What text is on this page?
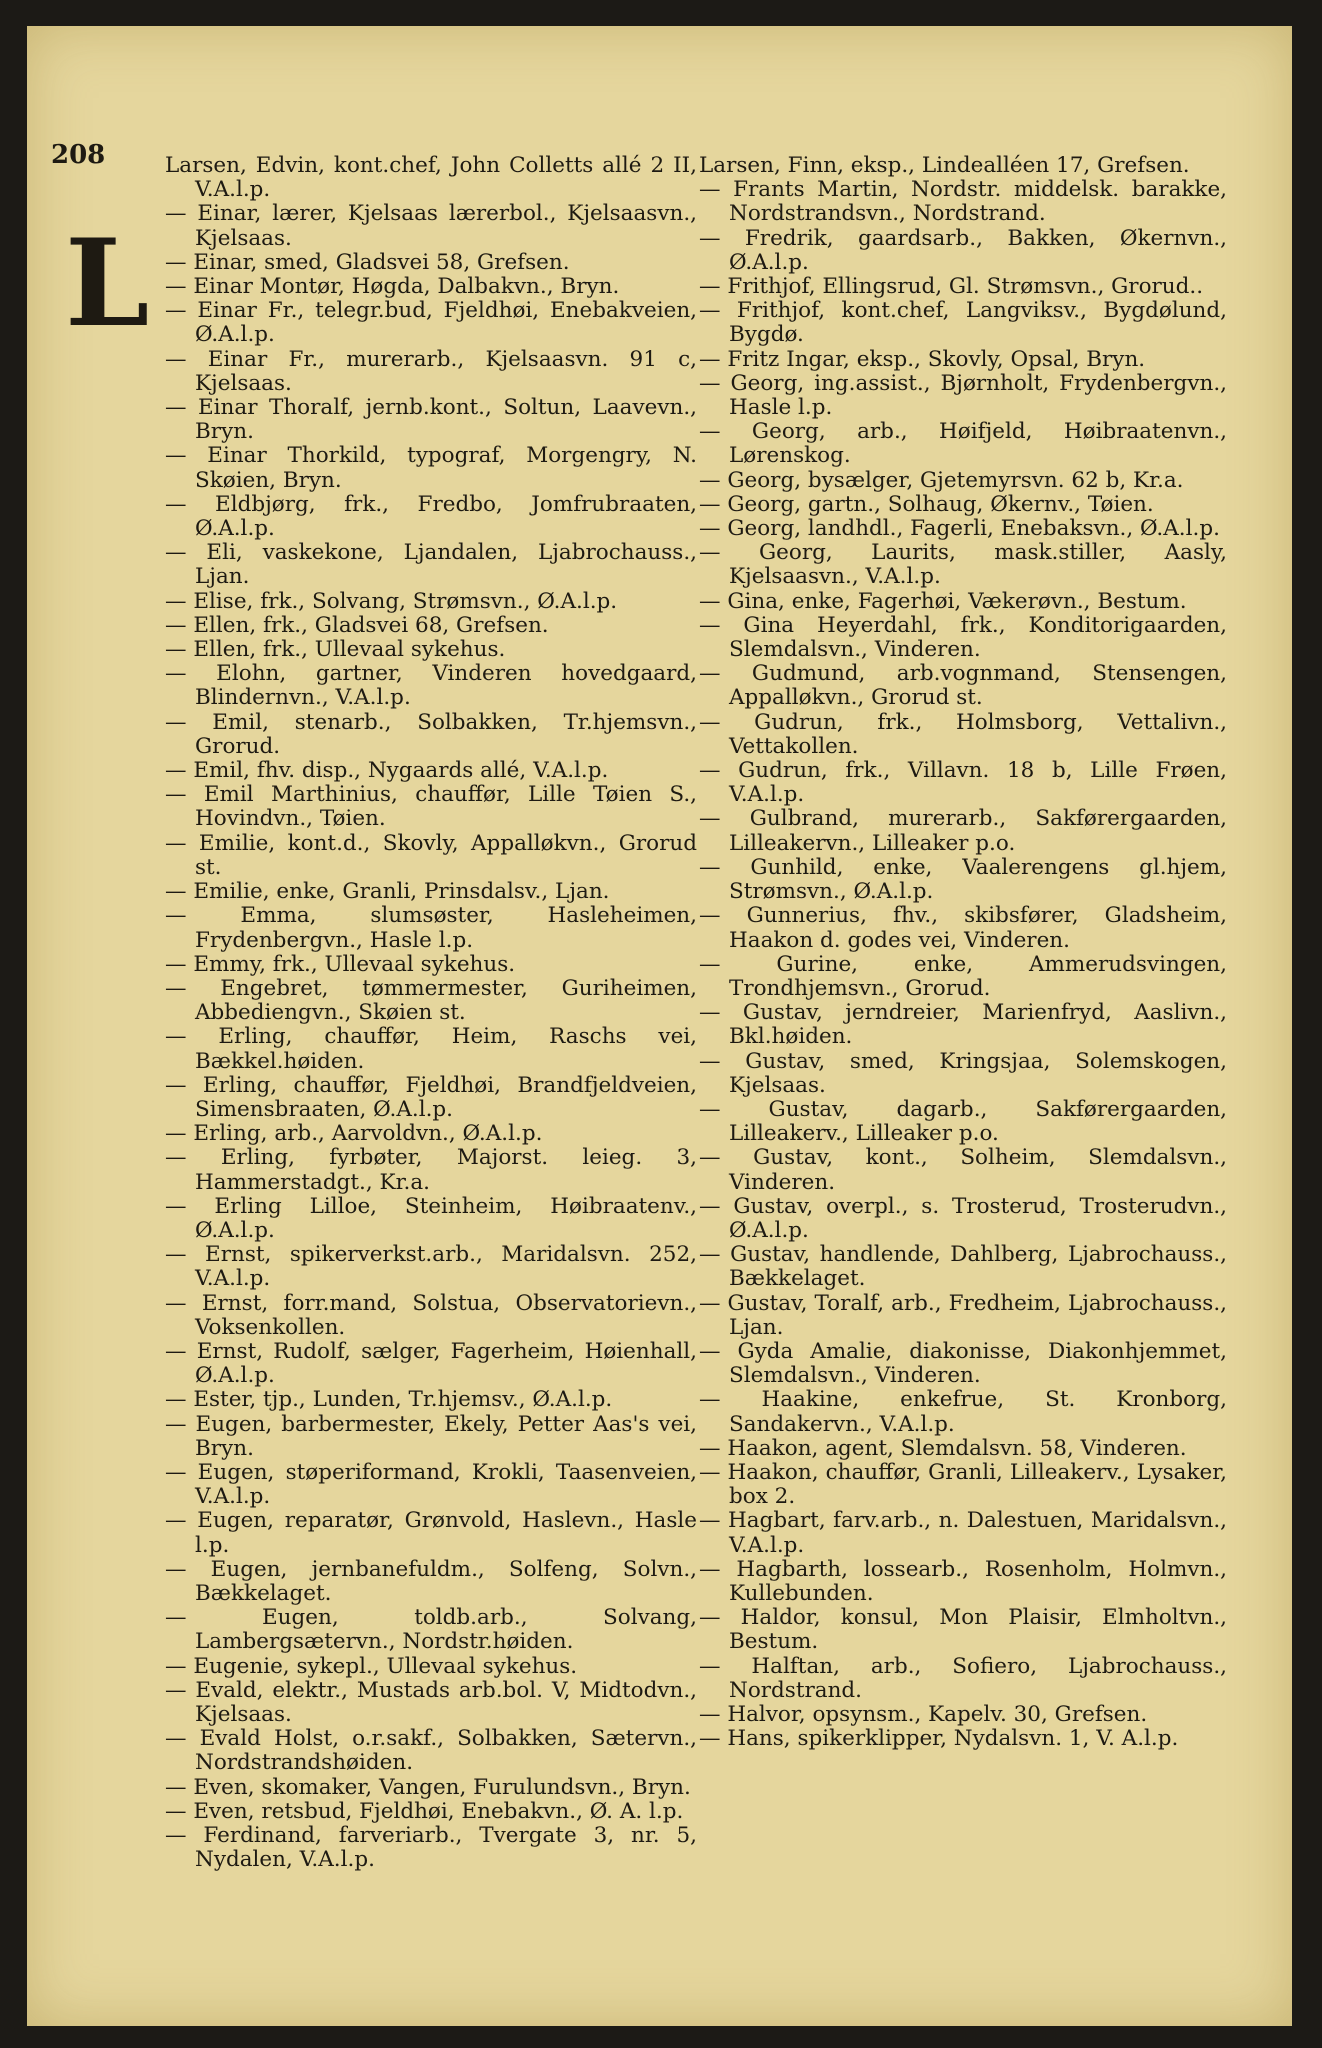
208
L
Larsen, Edvin, kont.chef, John Colletts allé 2 II, V.A.l.p.
— Einar, lærer, Kjelsaas lærerbol., Kjelsaasvn., Kjelsaas.
— Einar, smed, Gladsvei 58, Grefsen.
— Einar Montør, Høgda, Dalbakvn., Bryn.
— Einar Fr., telegr.bud, Fjeldhøi, Enebakveien, Ø.A.l.p.
— Einar Fr., murerarb., Kjelsaasvn. 91 c, Kjelsaas.
— Einar Thoralf, jernb.kont., Soltun, Laavevn., Bryn.
— Einar Thorkild, typograf, Morgengry, N. Skøien, Bryn.
— Eldbjørg, frk., Fredbo, Jomfrubraaten, Ø.A.l.p.
— Eli, vaskekone, Ljandalen, Ljabrochauss., Ljan.
— Elise, frk., Solvang, Strømsvn., Ø.A.l.p.
— Ellen, frk., Gladsvei 68, Grefsen.
— Ellen, frk., Ullevaal sykehus.
— Elohn, gartner, Vinderen hovedgaard, Blindernvn., V.A.l.p.
— Emil, stenarb., Solbakken, Tr.hjemsvn., Grorud.
— Emil, fhv. disp., Nygaards allé, V.A.l.p.
— Emil Marthinius, chauffør, Lille Tøien S., Hovindvn., Tøien.
— Emilie, kont.d., Skovly, Appalløkvn., Grorud st.
— Emilie, enke, Granli, Prinsdalsv., Ljan.
— Emma, slumsøster, Hasleheimen, Frydenbergvn., Hasle l.p.
— Emmy, frk., Ullevaal sykehus.
— Engebret, tømmermester, Guriheimen, Abbediengvn., Skøien st.
— Erling, chauffør, Heim, Raschs vei, Bækkel.høiden.
— Erling, chauffør, Fjeldhøi, Brandfjeldveien, Simensbraaten, Ø.A.l.p.
— Erling, arb., Aarvoldvn., Ø.A.l.p.
— Erling, fyrbøter, Majorst. leieg. 3, Hammerstadgt., Kr.a.
— Erling Lilloe, Steinheim, Høibraatenv., Ø.A.l.p.
— Ernst, spikerverkst.arb., Maridalsvn. 252, V.A.l.p.
— Ernst, forr.mand, Solstua, Observatorievn., Voksenkollen.
— Ernst, Rudolf, sælger, Fagerheim, Høienhall, Ø.A.l.p.
— Ester, tjp., Lunden, Tr.hjemsv., Ø.A.l.p.
— Eugen, barbermester, Ekely, Petter Aas's vei, Bryn.
— Eugen, støperiformand, Krokli, Taasenveien, V.A.l.p.
— Eugen, reparatør, Grønvold, Haslevn., Hasle l.p.
— Eugen, jernbanefuldm., Solfeng, Solvn., Bækkelaget.
— Eugen, toldb.arb., Solvang, Lambergsætervn., Nordstr.høiden.
— Eugenie, sykepl., Ullevaal sykehus.
— Evald, elektr., Mustads arb.bol. V, Midtodvn., Kjelsaas.
— Evald Holst, o.r.sakf., Solbakken, Sætervn., Nordstrandshøiden.
— Even, skomaker, Vangen, Furulundsvn., Bryn.
— Even, retsbud, Fjeldhøi, Enebakvn., Ø. A. l.p.
— Ferdinand, farveriarb., Tvergate 3, nr. 5, Nydalen, V.A.l.p.
Larsen, Finn, eksp., Lindealléen 17, Grefsen.
— Frants Martin, Nordstr. middelsk. barakke, Nordstrandsvn., Nordstrand.
— Fredrik, gaardsarb., Bakken, Økernvn., Ø.A.l.p.
— Frithjof, Ellingsrud, Gl. Strømsvn., Grorud..
— Frithjof, kont.chef, Langviksv., Bygdølund, Bygdø.
— Fritz Ingar, eksp., Skovly, Opsal, Bryn.
— Georg, ing.assist., Bjørnholt, Frydenbergvn., Hasle l.p.
— Georg, arb., Høifjeld, Høibraatenvn., Lørenskog.
— Georg, bysælger, Gjetemyrsvn. 62 b, Kr.a.
— Georg, gartn., Solhaug, Økernv., Tøien.
— Georg, landhdl., Fagerli, Enebaksvn., Ø.A.l.p.
— Georg, Laurits, mask.stiller, Aasly, Kjelsaasvn., V.A.l.p.
— Gina, enke, Fagerhøi, Vækerøvn., Bestum.
— Gina Heyerdahl, frk., Konditorigaarden, Slemdalsvn., Vinderen.
— Gudmund, arb.vognmand, Stensengen, Appalløkvn., Grorud st.
— Gudrun, frk., Holmsborg, Vettalivn., Vettakollen.
— Gudrun, frk., Villavn. 18 b, Lille Frøen, V.A.l.p.
— Gulbrand, murerarb., Sakførergaarden, Lilleakervn., Lilleaker p.o.
— Gunhild, enke, Vaalerengens gl.hjem, Strømsvn., Ø.A.l.p.
— Gunnerius, fhv., skibsfører, Gladsheim, Haakon d. godes vei, Vinderen.
— Gurine, enke, Ammerudsvingen, Trondhjemsvn., Grorud.
— Gustav, jerndreier, Marienfryd, Aaslivn., Bkl.høiden.
— Gustav, smed, Kringsjaa, Solemskogen, Kjelsaas.
— Gustav, dagarb., Sakførergaarden, Lilleakerv., Lilleaker p.o.
— Gustav, kont., Solheim, Slemdalsvn., Vinderen.
— Gustav, overpl., s. Trosterud, Trosterudvn., Ø.A.l.p.
— Gustav, handlende, Dahlberg, Ljabrochauss., Bækkelaget.
— Gustav, Toralf, arb., Fredheim, Ljabrochauss., Ljan.
— Gyda Amalie, diakonisse, Diakonhjemmet, Slemdalsvn., Vinderen.
— Haakine, enkefrue, St. Kronborg, Sandakervn., V.A.l.p.
— Haakon, agent, Slemdalsvn. 58, Vinderen.
— Haakon, chauffør, Granli, Lilleakerv., Lysaker, box 2.
— Hagbart, farv.arb., n. Dalestuen, Maridalsvn., V.A.l.p.
— Hagbarth, lossearb., Rosenholm, Holmvn., Kullebunden.
— Haldor, konsul, Mon Plaisir, Elmholtvn., Bestum.
— Halftan, arb., Sofiero, Ljabrochauss., Nordstrand.
— Halvor, opsynsm., Kapelv. 30, Grefsen.
— Hans, spikerklipper, Nydalsvn. 1, V. A.l.p.
